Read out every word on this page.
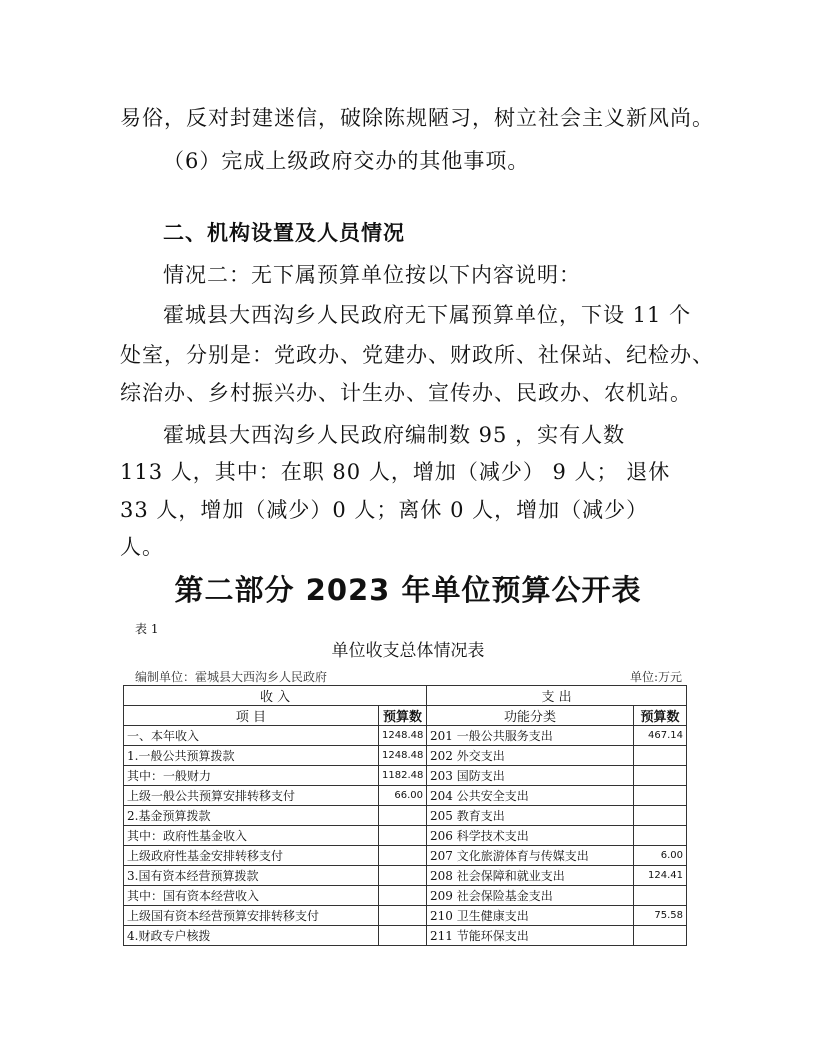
易俗，反对封建迷信，破除陈规陋习，树立社会主义新风尚。

（6）完成上级政府交办的其他事项。

二、机构设置及人员情况

情况二：无下属预算单位按以下内容说明：

霍城县大西沟乡人民政府无下属预算单位，下设 11 个

处室，分别是：党政办、党建办、财政所、社保站、纪检办、

综治办、乡村振兴办、计生办、宣传办、民政办、农机站。

霍城县大西沟乡人民政府编制数 95 ，实有人数

113 人，其中：在职 80 人，增加（减少） 9 人； 退休

33 人，增加（减少）0 人；离休 0 人，增加（减少）

人。

第二部分 2023 年单位预算公开表
表 1
单位收支总体情况表
编制单位：霍城县大西沟乡人民政府	单位:万元
收 入		支 出	
项 目	预算数	功能分类	预算数
一、本年收入	1248.48	201 一般公共服务支出	467.14
1.一般公共预算拨款	1248.48	202 外交支出	
其中：一般财力	1182.48	203 国防支出	
上级一般公共预算安排转移支付	66.00	204 公共安全支出	
2.基金预算拨款		205 教育支出	
其中：政府性基金收入		206 科学技术支出	
上级政府性基金安排转移支付		207 文化旅游体育与传媒支出	6.00
3.国有资本经营预算拨款		208 社会保障和就业支出	124.41
其中：国有资本经营收入		209 社会保险基金支出	
上级国有资本经营预算安排转移支付		210 卫生健康支出	75.58
4.财政专户核拨		211 节能环保支出	
